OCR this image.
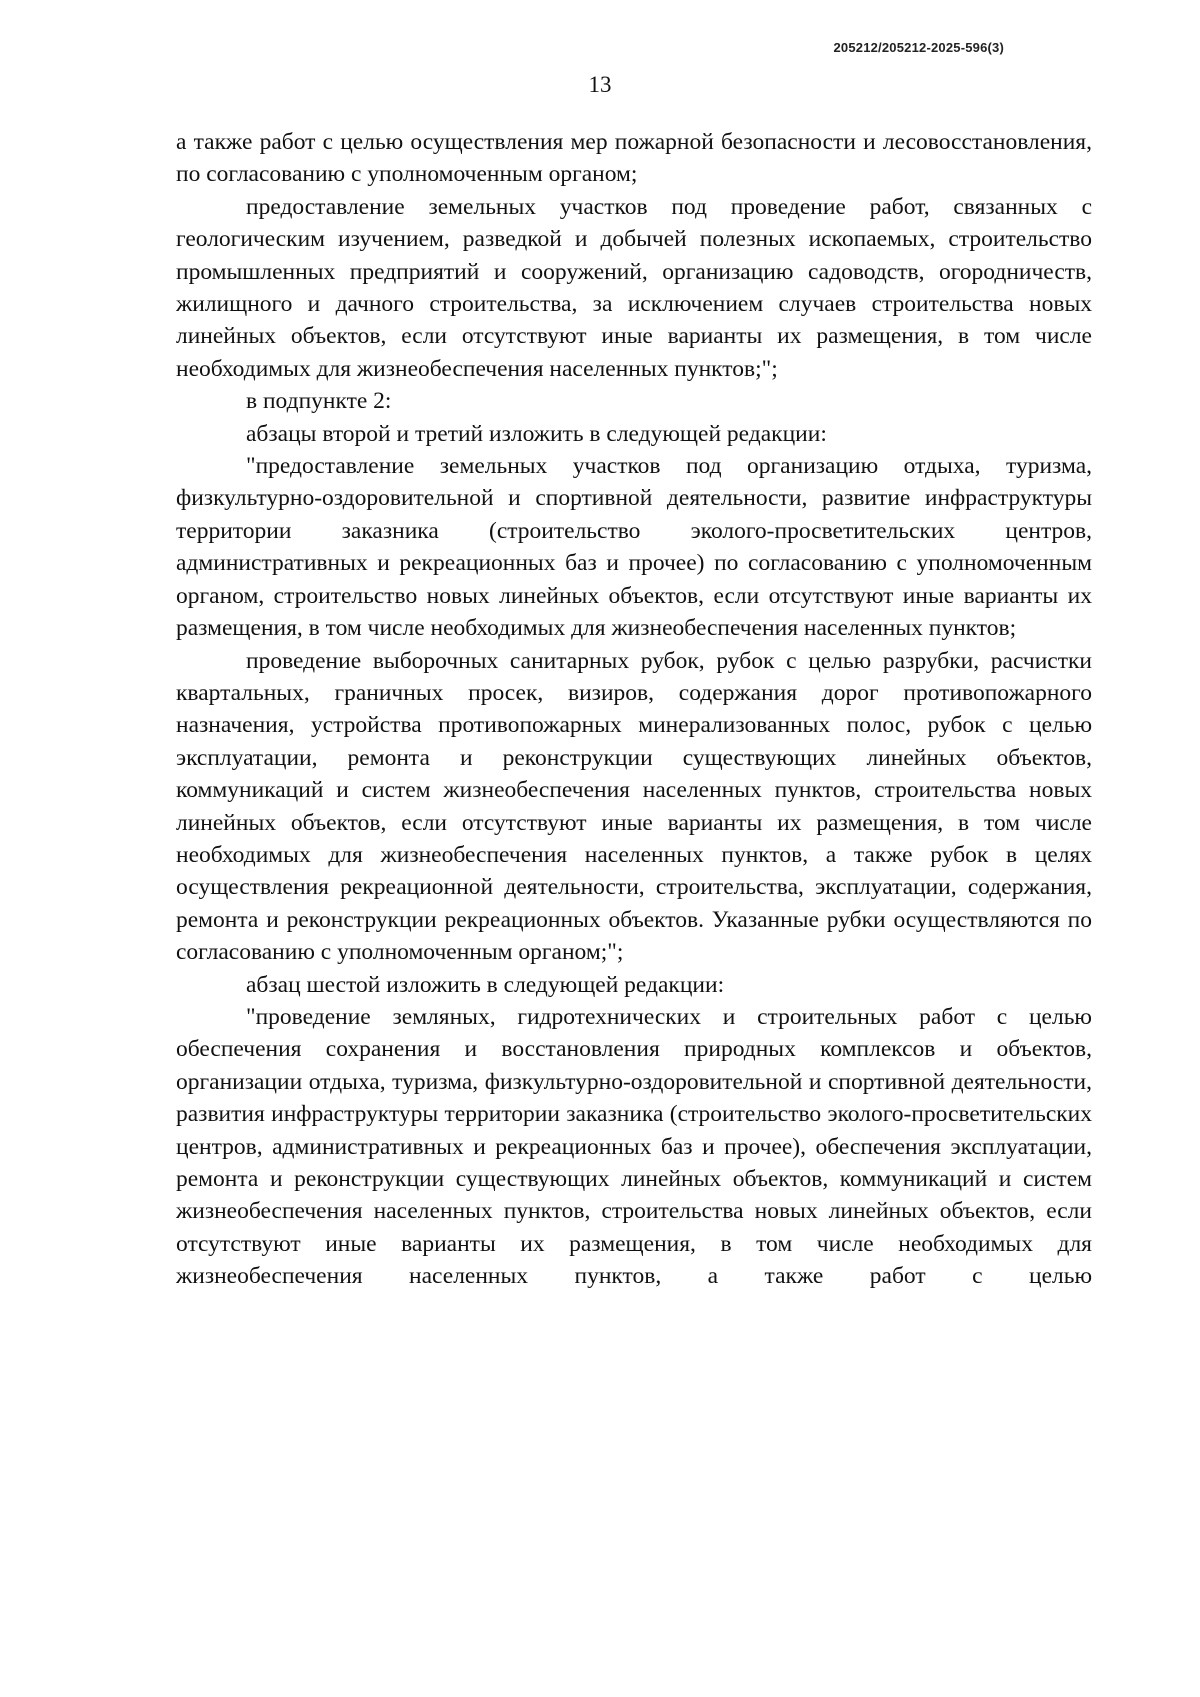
205212/205212-2025-596(3)
13

а также работ с целью осуществления мер пожарной безопасности и лесовосстановления, по согласованию с уполномоченным органом;

предоставление земельных участков под проведение работ, связанных с геологическим изучением, разведкой и добычей полезных ископаемых, строительство промышленных предприятий и сооружений, организацию садоводств, огородничеств, жилищного и дачного строительства, за исключением случаев строительства новых линейных объектов, если отсутствуют иные варианты их размещения, в том числе необходимых для жизнеобеспечения населенных пунктов;";

в подпункте 2:

абзацы второй и третий изложить в следующей редакции:

"предоставление земельных участков под организацию отдыха, туризма, физкультурно-оздоровительной и спортивной деятельности, развитие инфраструктуры территории заказника (строительство эколого-просветительских центров, административных и рекреационных баз и прочее) по согласованию с уполномоченным органом, строительство новых линейных объектов, если отсутствуют иные варианты их размещения, в том числе необходимых для жизнеобеспечения населенных пунктов;

проведение выборочных санитарных рубок, рубок с целью разрубки, расчистки квартальных, граничных просек, визиров, содержания дорог противопожарного назначения, устройства противопожарных минерализованных полос, рубок с целью эксплуатации, ремонта и реконструкции существующих линейных объектов, коммуникаций и систем жизнеобеспечения населенных пунктов, строительства новых линейных объектов, если отсутствуют иные варианты их размещения, в том числе необходимых для жизнеобеспечения населенных пунктов, а также рубок в целях осуществления рекреационной деятельности, строительства, эксплуатации, содержания, ремонта и реконструкции рекреационных объектов. Указанные рубки осуществляются по согласованию с уполномоченным органом;";

абзац шестой изложить в следующей редакции:

"проведение земляных, гидротехнических и строительных работ с целью обеспечения сохранения и восстановления природных комплексов и объектов, организации отдыха, туризма, физкультурно-оздоровительной и спортивной деятельности, развития инфраструктуры территории заказника (строительство эколого-просветительских центров, административных и рекреационных баз и прочее), обеспечения эксплуатации, ремонта и реконструкции существующих линейных объектов, коммуникаций и систем жизнеобеспечения населенных пунктов, строительства новых линейных объектов, если отсутствуют иные варианты их размещения, в том числе необходимых для жизнеобеспечения населенных пунктов, а также работ с целью
